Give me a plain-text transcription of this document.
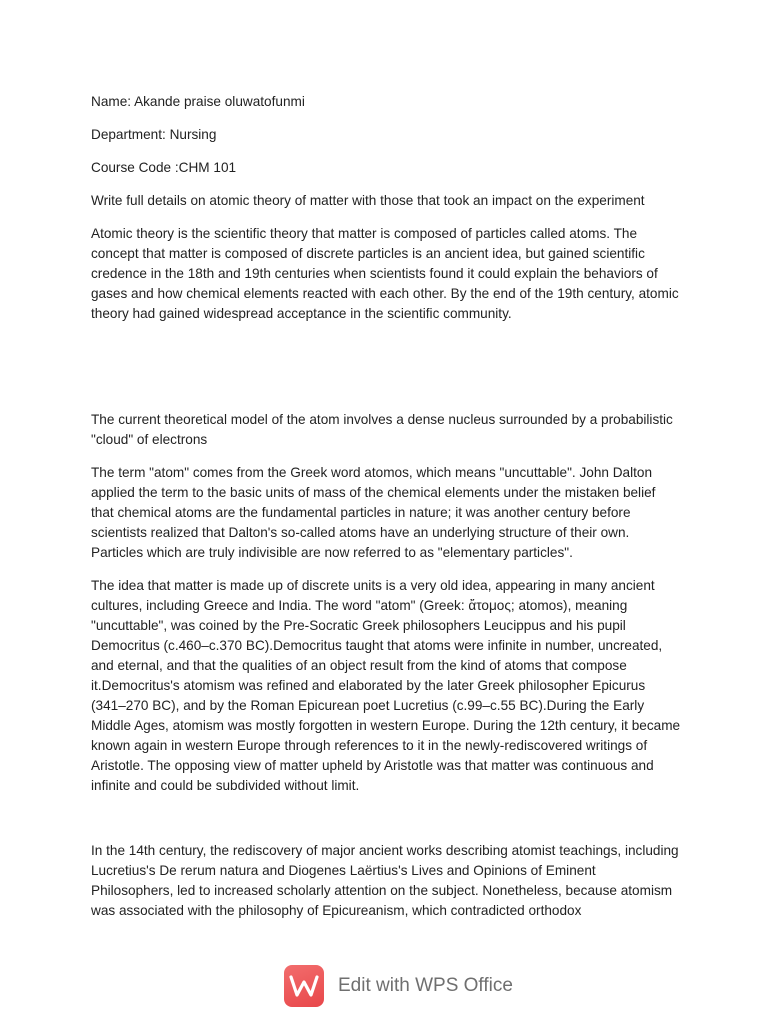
Name: Akande praise oluwatofunmi

Department: Nursing

Course Code :CHM 101

Write full details on atomic theory of matter with those that took an impact on the experiment

Atomic theory is the scientific theory that matter is composed of particles called atoms. The concept that matter is composed of discrete particles is an ancient idea, but gained scientific credence in the 18th and 19th centuries when scientists found it could explain the behaviors of gases and how chemical elements reacted with each other. By the end of the 19th century, atomic theory had gained widespread acceptance in the scientific community.

The current theoretical model of the atom involves a dense nucleus surrounded by a probabilistic "cloud" of electrons

The term "atom" comes from the Greek word atomos, which means "uncuttable". John Dalton applied the term to the basic units of mass of the chemical elements under the mistaken belief that chemical atoms are the fundamental particles in nature; it was another century before scientists realized that Dalton's so-called atoms have an underlying structure of their own. Particles which are truly indivisible are now referred to as "elementary particles".

The idea that matter is made up of discrete units is a very old idea, appearing in many ancient cultures, including Greece and India. The word "atom" (Greek: ἄτομος; atomos), meaning "uncuttable", was coined by the Pre-Socratic Greek philosophers Leucippus and his pupil Democritus (c.460–c.370 BC).Democritus taught that atoms were infinite in number, uncreated, and eternal, and that the qualities of an object result from the kind of atoms that compose it.Democritus's atomism was refined and elaborated by the later Greek philosopher Epicurus (341–270 BC), and by the Roman Epicurean poet Lucretius (c.99–c.55 BC).During the Early Middle Ages, atomism was mostly forgotten in western Europe. During the 12th century, it became known again in western Europe through references to it in the newly-rediscovered writings of Aristotle. The opposing view of matter upheld by Aristotle was that matter was continuous and infinite and could be subdivided without limit.

In the 14th century, the rediscovery of major ancient works describing atomist teachings, including Lucretius's De rerum natura and Diogenes Laërtius's Lives and Opinions of Eminent Philosophers, led to increased scholarly attention on the subject. Nonetheless, because atomism was associated with the philosophy of Epicureanism, which contradicted orthodox

Edit with WPS Office
